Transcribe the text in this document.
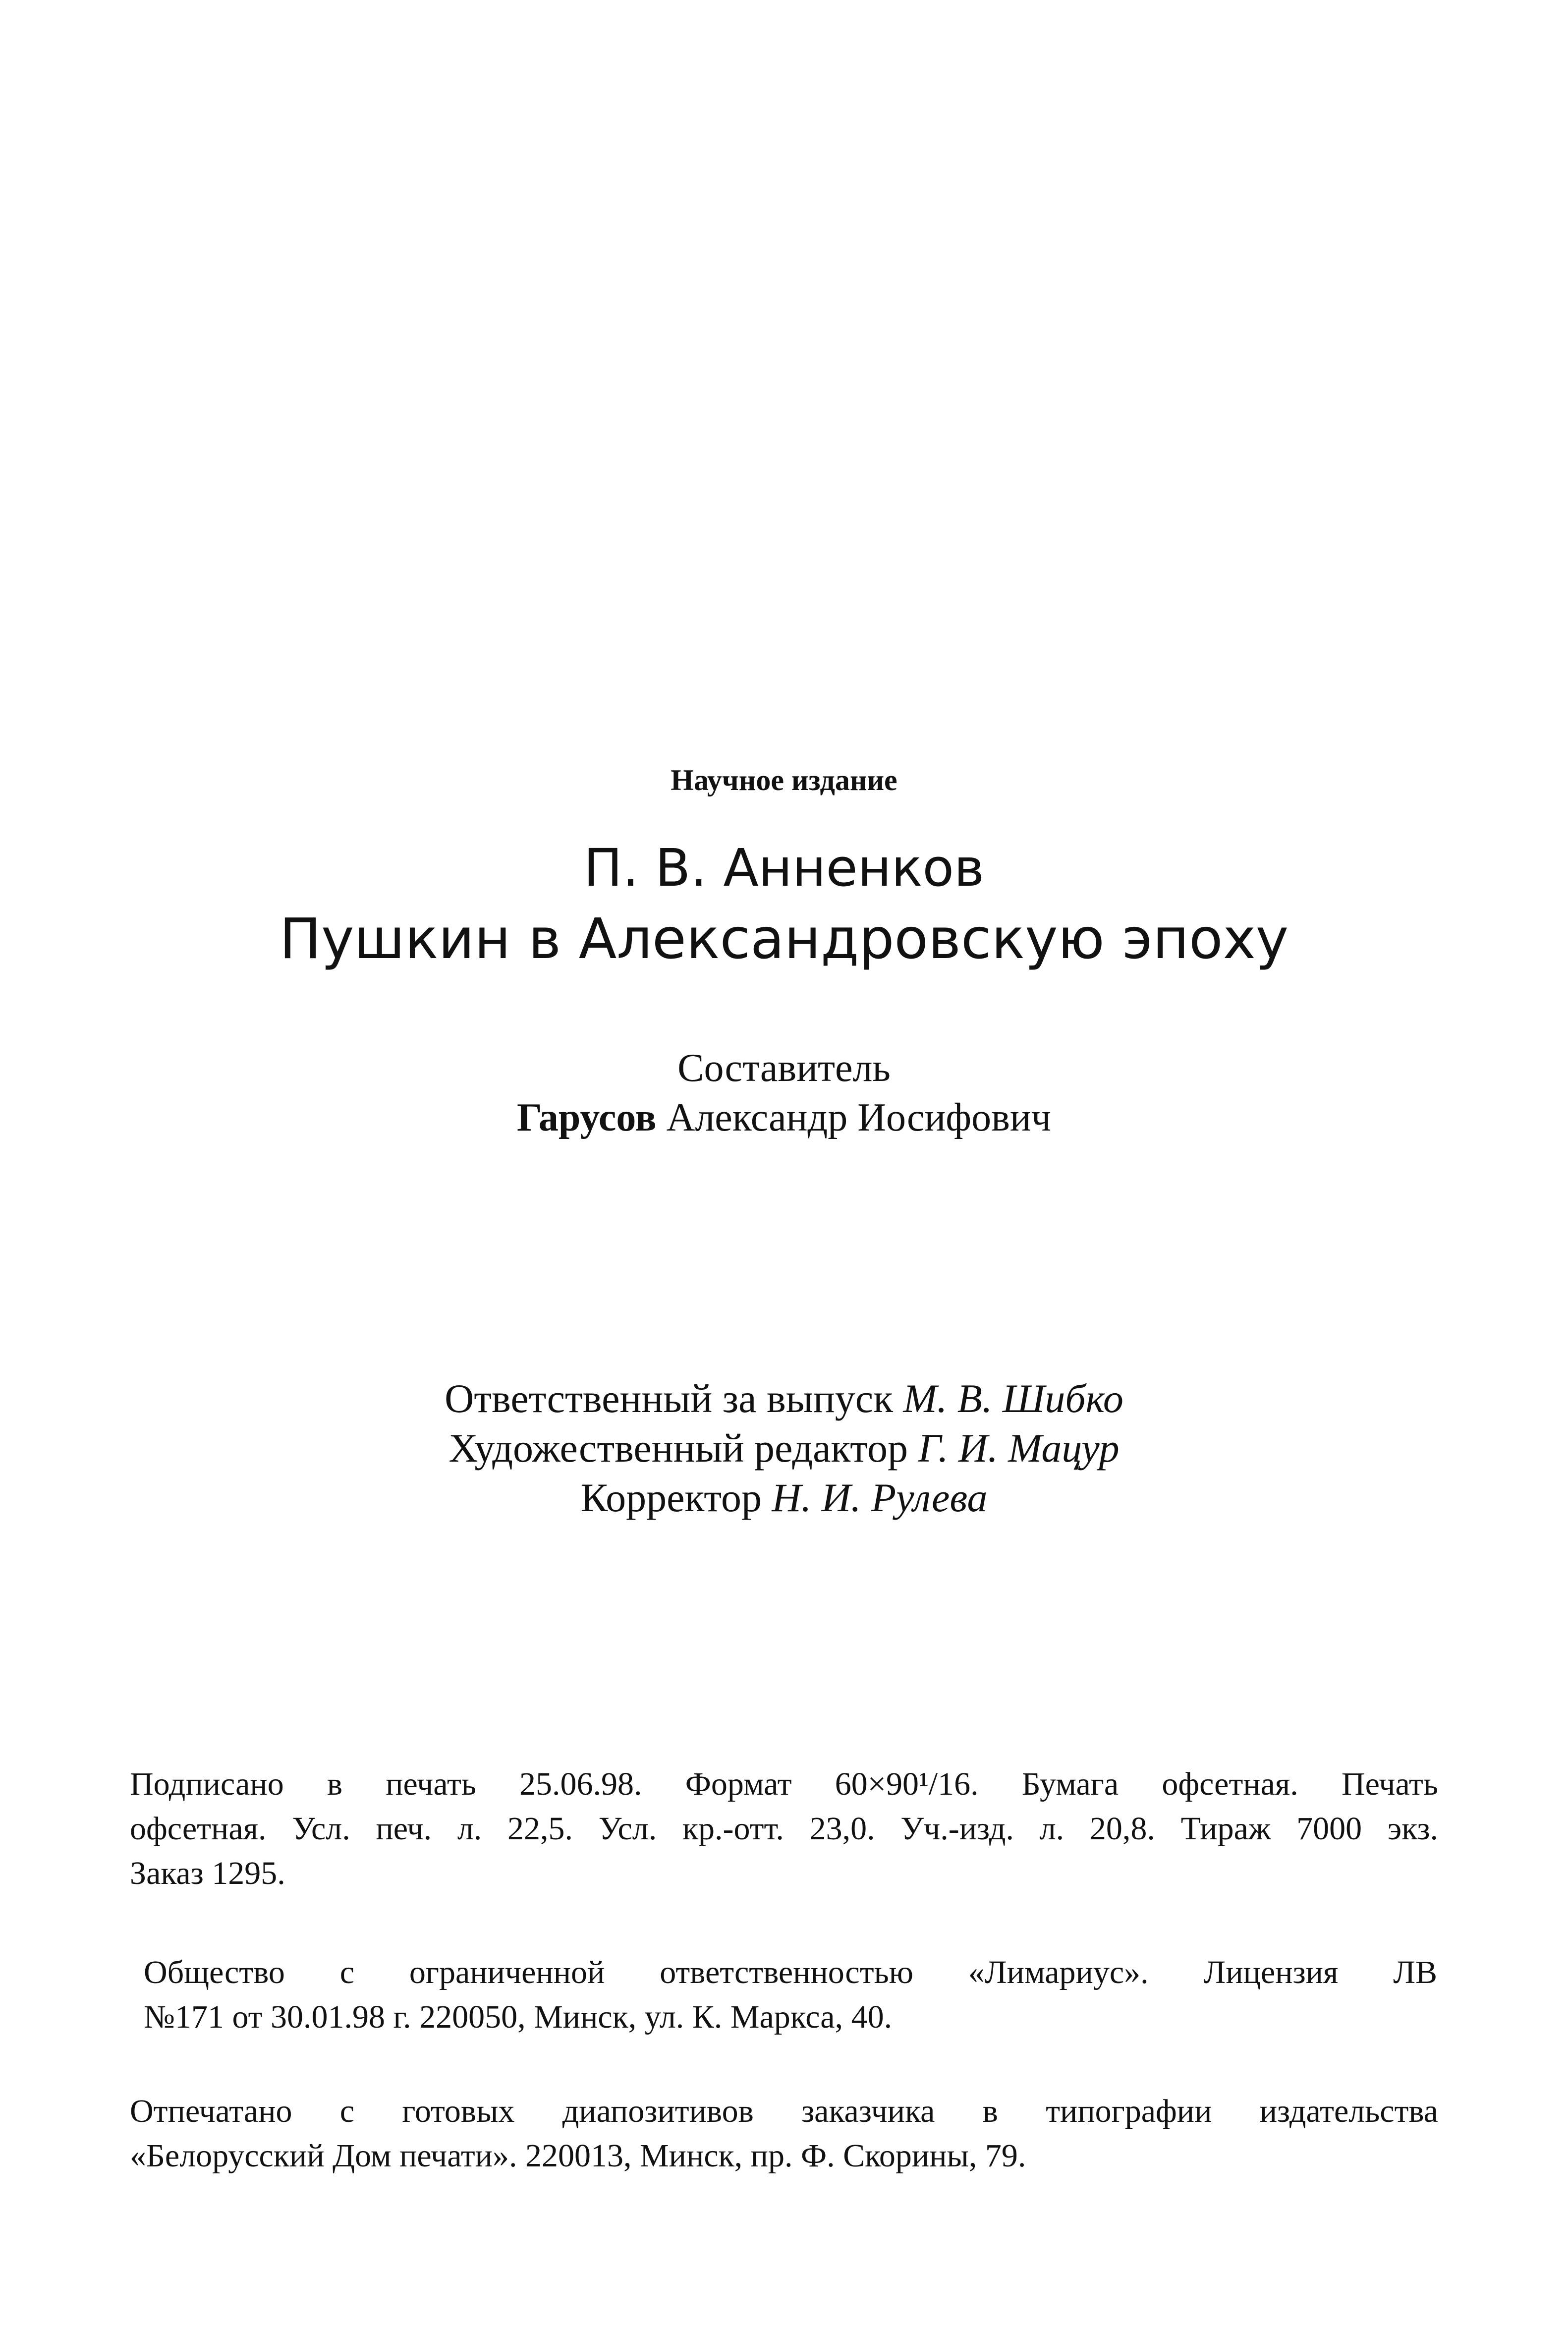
Научное издание
П. В. Анненков
Пушкин в Александровскую эпоху
Составитель
Гарусов Александр Иосифович
Ответственный за выпуск М. В. Шибко
Художественный редактор Г. И. Мацур
Корректор Н. И. Рулева
Подписано в печать 25.06.98. Формат 60×90¹/16. Бумага офсетная. Печать
офсетная. Усл. печ. л. 22,5. Усл. кр.-отт. 23,0. Уч.-изд. л. 20,8. Тираж 7000 экз.
Заказ 1295.
Общество с ограниченной ответственностью «Лимариус». Лицензия ЛВ
№171 от 30.01.98 г. 220050, Минск, ул. К. Маркса, 40.
Отпечатано с готовых диапозитивов заказчика в типографии издательства
«Белорусский Дом печати». 220013, Минск, пр. Ф. Скорины, 79.
